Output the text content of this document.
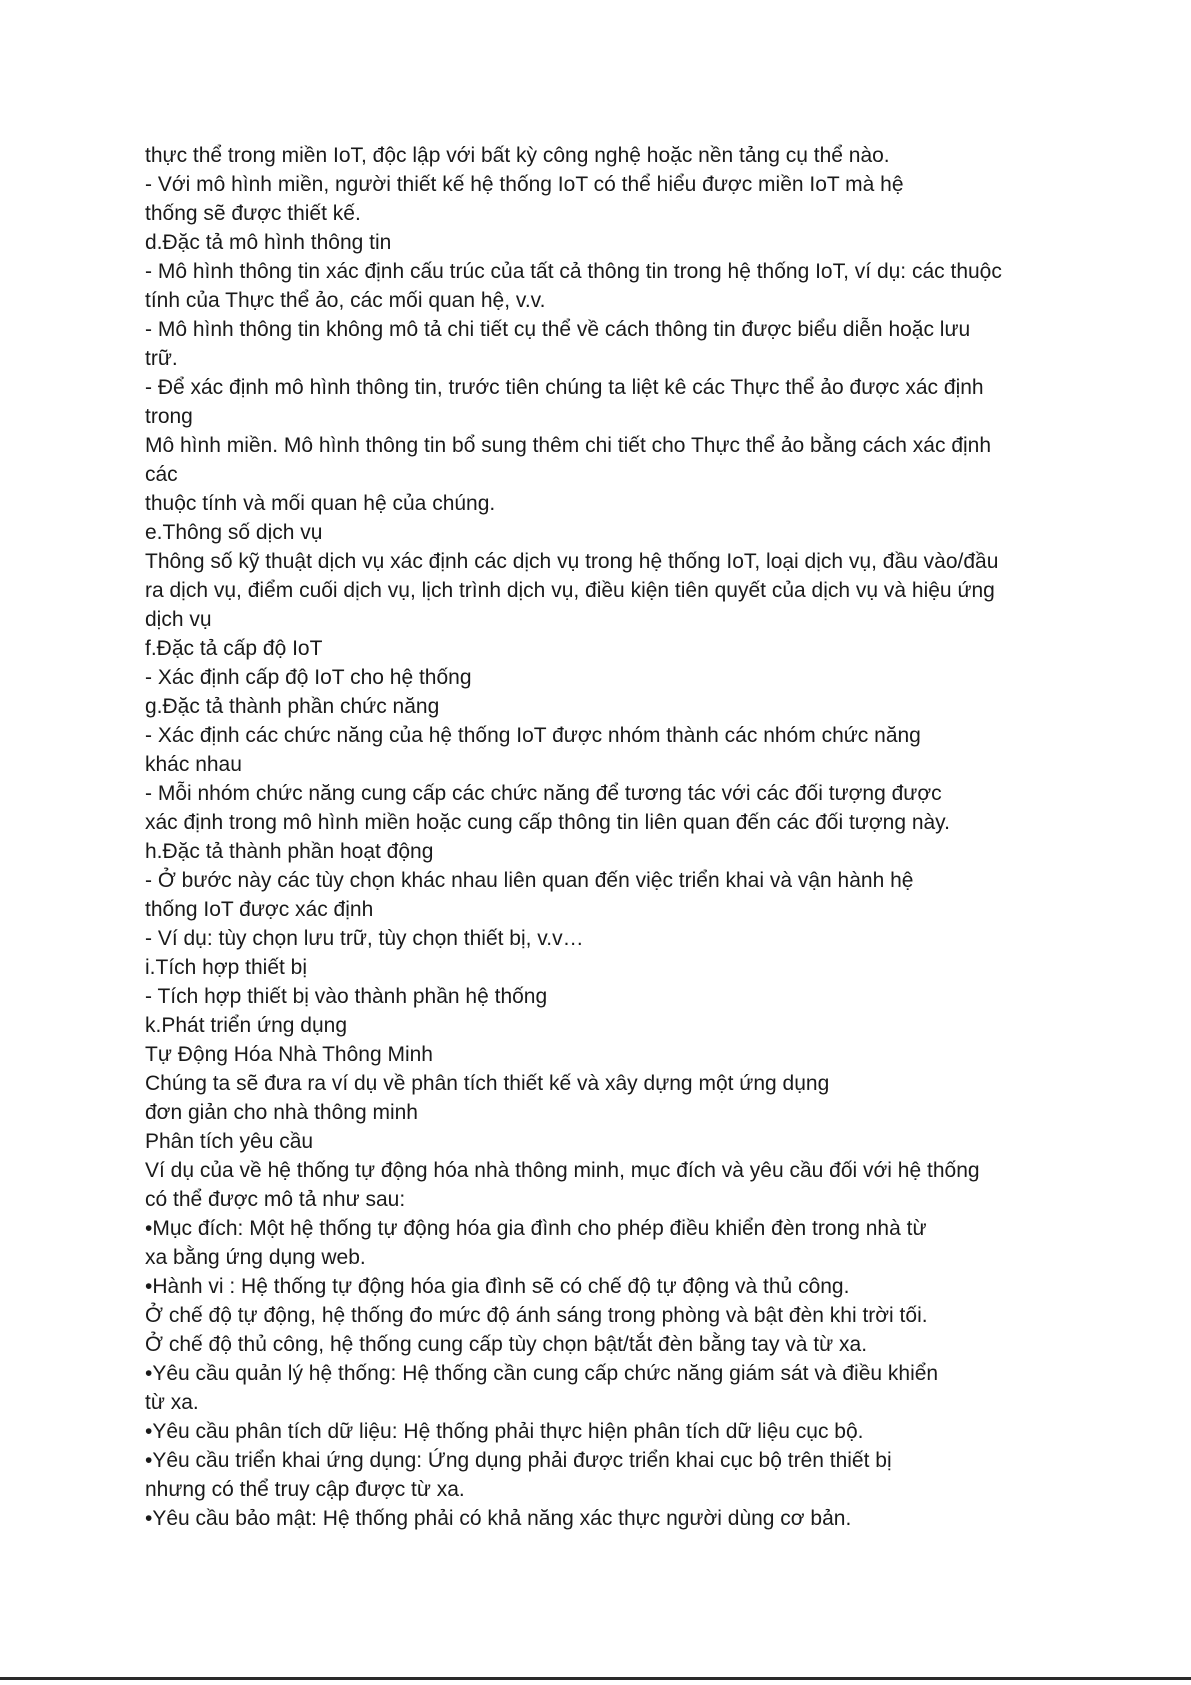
thực thể trong miền IoT, độc lập với bất kỳ công nghệ hoặc nền tảng cụ thể nào.
- Với mô hình miền, người thiết kế hệ thống IoT có thể hiểu được miền IoT mà hệ
thống sẽ được thiết kế.
d.Đặc tả mô hình thông tin
- Mô hình thông tin xác định cấu trúc của tất cả thông tin trong hệ thống IoT, ví dụ: các thuộc
tính của Thực thể ảo, các mối quan hệ, v.v.
- Mô hình thông tin không mô tả chi tiết cụ thể về cách thông tin được biểu diễn hoặc lưu
trữ.
- Để xác định mô hình thông tin, trước tiên chúng ta liệt kê các Thực thể ảo được xác định
trong
Mô hình miền. Mô hình thông tin bổ sung thêm chi tiết cho Thực thể ảo bằng cách xác định
các
thuộc tính và mối quan hệ của chúng.
e.Thông số dịch vụ
Thông số kỹ thuật dịch vụ xác định các dịch vụ trong hệ thống IoT, loại dịch vụ, đầu vào/đầu
ra dịch vụ, điểm cuối dịch vụ, lịch trình dịch vụ, điều kiện tiên quyết của dịch vụ và hiệu ứng
dịch vụ
f.Đặc tả cấp độ IoT
- Xác định cấp độ IoT cho hệ thống
g.Đặc tả thành phần chức năng
- Xác định các chức năng của hệ thống IoT được nhóm thành các nhóm chức năng
khác nhau
- Mỗi nhóm chức năng cung cấp các chức năng để tương tác với các đối tượng được
xác định trong mô hình miền hoặc cung cấp thông tin liên quan đến các đối tượng này.
h.Đặc tả thành phần hoạt động
- Ở bước này các tùy chọn khác nhau liên quan đến việc triển khai và vận hành hệ
thống IoT được xác định
- Ví dụ: tùy chọn lưu trữ, tùy chọn thiết bị, v.v…
i.Tích hợp thiết bị
- Tích hợp thiết bị vào thành phần hệ thống
k.Phát triển ứng dụng
Tự Động Hóa Nhà Thông Minh
Chúng ta sẽ đưa ra ví dụ về phân tích thiết kế và xây dựng một ứng dụng
đơn giản cho nhà thông minh
Phân tích yêu cầu
Ví dụ của về hệ thống tự động hóa nhà thông minh, mục đích và yêu cầu đối với hệ thống
có thể được mô tả như sau:
•Mục đích: Một hệ thống tự động hóa gia đình cho phép điều khiển đèn trong nhà từ
xa bằng ứng dụng web.
•Hành vi : Hệ thống tự động hóa gia đình sẽ có chế độ tự động và thủ công.
Ở chế độ tự động, hệ thống đo mức độ ánh sáng trong phòng và bật đèn khi trời tối.
Ở chế độ thủ công, hệ thống cung cấp tùy chọn bật/tắt đèn bằng tay và từ xa.
•Yêu cầu quản lý hệ thống: Hệ thống cần cung cấp chức năng giám sát và điều khiển
từ xa.
•Yêu cầu phân tích dữ liệu: Hệ thống phải thực hiện phân tích dữ liệu cục bộ.
•Yêu cầu triển khai ứng dụng: Ứng dụng phải được triển khai cục bộ trên thiết bị
nhưng có thể truy cập được từ xa.
•Yêu cầu bảo mật: Hệ thống phải có khả năng xác thực người dùng cơ bản.
